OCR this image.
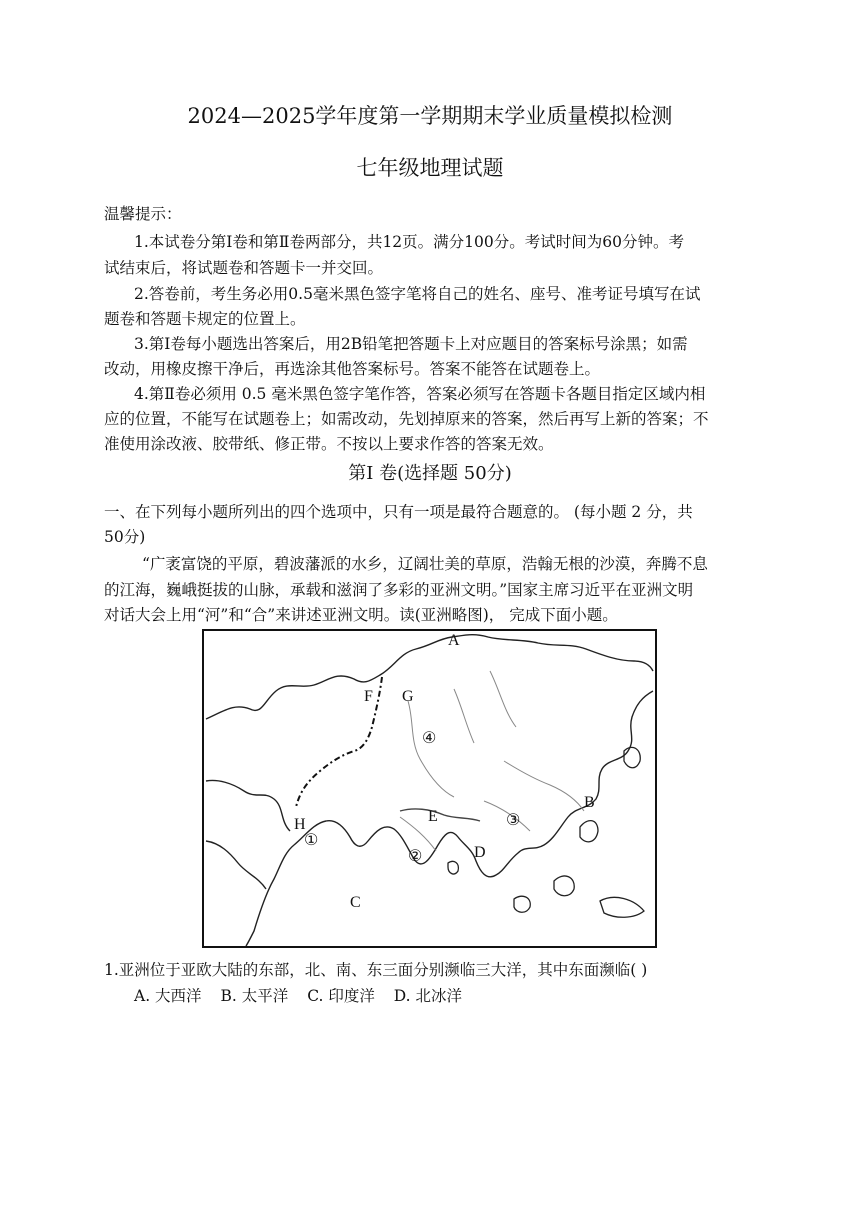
2024—2025学年度第一学期期末学业质量模拟检测
七年级地理试题
温馨提示：
1.本试卷分第Ⅰ卷和第Ⅱ卷两部分，共12页。满分100分。考试时间为60分钟。考
试结束后，将试题卷和答题卡一并交回。
2.答卷前，考生务必用0.5毫米黑色签字笔将自己的姓名、座号、准考证号填写在试
题卷和答题卡规定的位置上。
3.第Ⅰ卷每小题选出答案后，用2B铅笔把答题卡上对应题目的答案标号涂黑；如需
改动，用橡皮擦干净后，再选涂其他答案标号。答案不能答在试题卷上。
4.第Ⅱ卷必须用 0.5 毫米黑色签字笔作答，答案必须写在答题卡各题目指定区域内相
应的位置，不能写在试题卷上；如需改动，先划掉原来的答案，然后再写上新的答案；不
准使用涂改液、胶带纸、修正带。不按以上要求作答的答案无效。
第Ⅰ 卷(选择题 50分)
一、在下列每小题所列出的四个选项中，只有一项是最符合题意的。 (每小题 2 分，共
50分)
“广袤富饶的平原，碧波藩派的水乡，辽阔壮美的草原，浩翰无根的沙漠，奔腾不息
的江海，巍峨挺拔的山脉，承载和滋润了多彩的亚洲文明。”国家主席习近平在亚洲文明
对话大会上用“河”和“合”来讲述亚洲文明。读(亚洲略图)， 完成下面小题。
A
B
C
D
E
F G
H
①
②
③
④
1.亚洲位于亚欧大陆的东部，北、南、东三面分别濒临三大洋，其中东面濒临( )
A. 大西洋 B. 太平洋 C. 印度洋 D. 北冰洋
